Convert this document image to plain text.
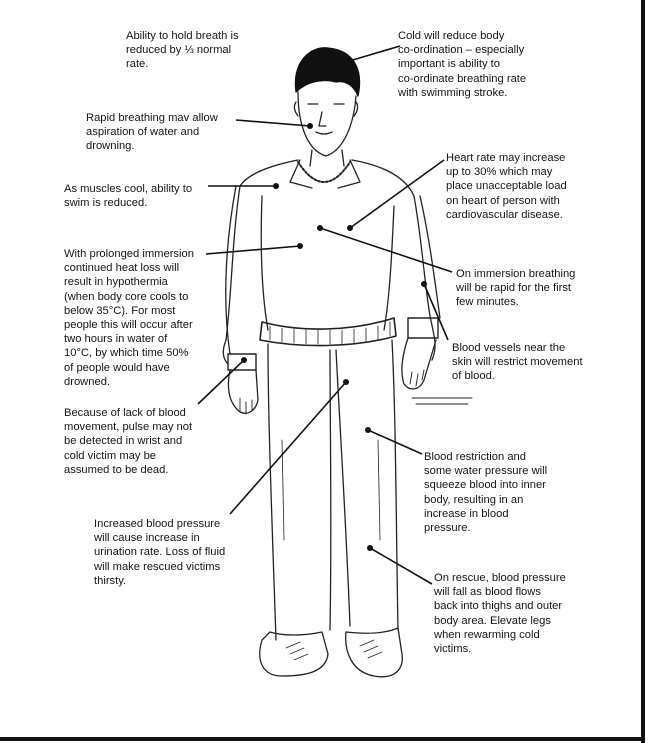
Ability to hold breath is
reduced by ⅓ normal
rate.
Cold will reduce body
co-ordination – especially
important is ability to
co-ordinate breathing rate
with swimming stroke.
Rapid breathing mav allow
aspiration of water and
drowning.
Heart rate may increase
up to 30% which may
place unacceptable load
on heart of person with
cardiovascular disease.
As muscles cool, ability to
swim is reduced.
With prolonged immersion
continued heat loss will
result in hypothermia
(when body core cools to
below 35°C). For most
people this will occur after
two hours in water of
10°C, by which time 50%
of people would have
drowned.
On immersion breathing
will be rapid for the first
few minutes.
Blood vessels near the
skin will restrict movement
of blood.
Because of lack of blood
movement, pulse may not
be detected in wrist and
cold victim may be
assumed to be dead.
Blood restriction and
some water pressure will
squeeze blood into inner
body, resulting in an
increase in blood
pressure.
Increased blood pressure
will cause increase in
urination rate. Loss of fluid
will make rescued victims
thirsty.	On rescue, blood pressure
will fall as blood flows
back into thighs and outer
body area. Elevate legs
when rewarming cold
victims.
